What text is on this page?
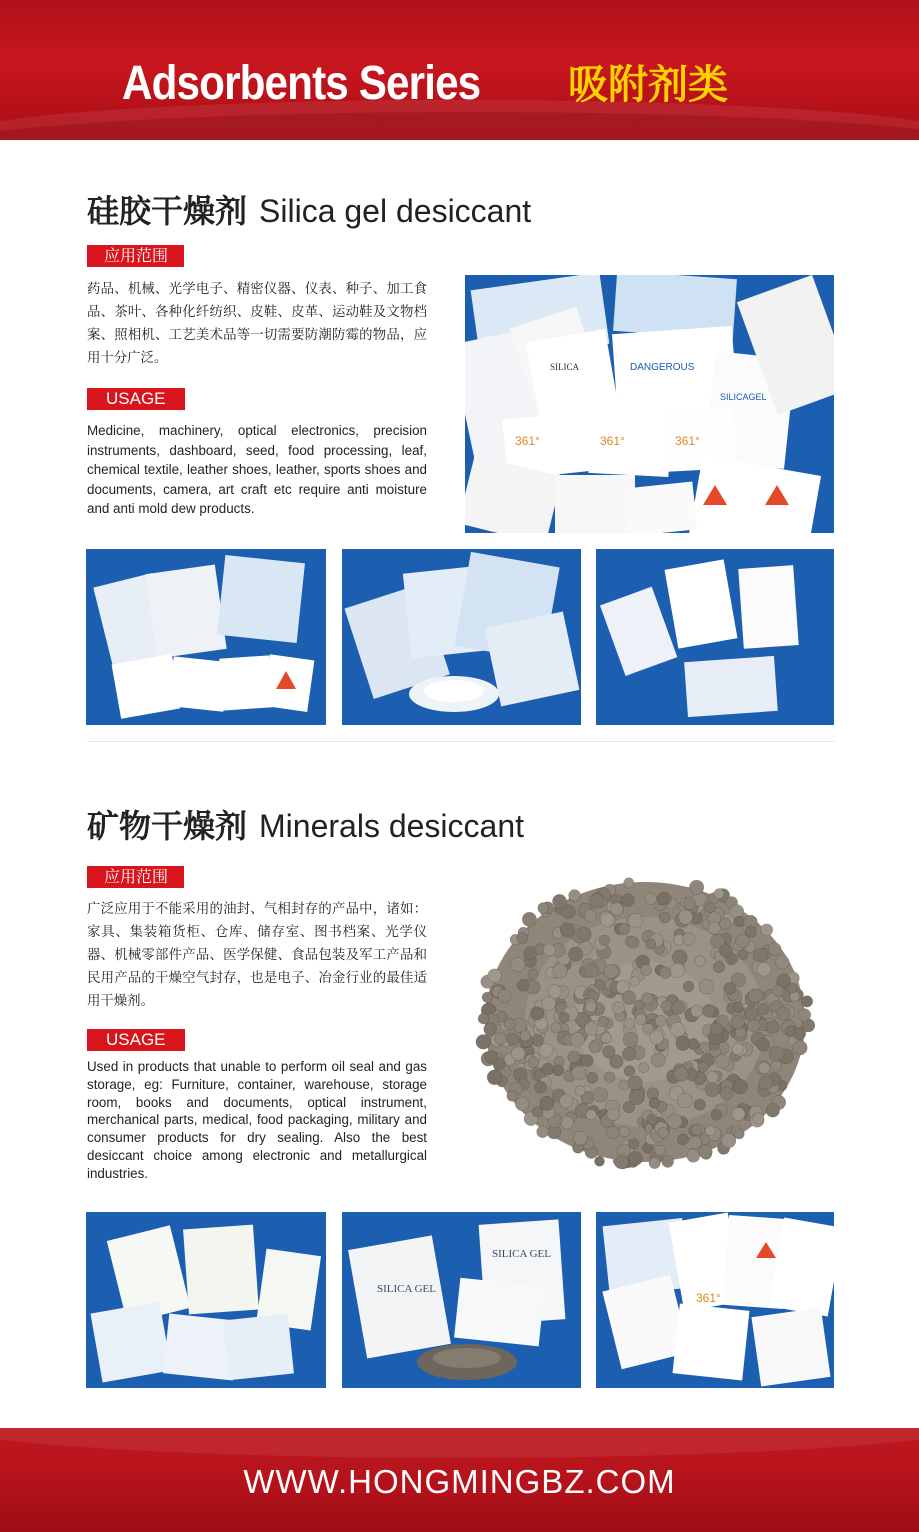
Adsorbents Series 吸附剂类
硅胶干燥剂 Silica gel desiccant
应用范围
药品、机械、光学电子、精密仪器、仪表、种子、加工食品、茶叶、各种化纤纺织、皮鞋、皮革、运动鞋及文物档案、照相机、工艺美术品等一切需要防潮防霉的物品，应用十分广泛。
USAGE
Medicine, machinery, optical electronics, precision instruments, dashboard, seed, food processing, leaf, chemical textile, leather shoes, leather, sports shoes and documents, camera, art craft etc require anti moisture and anti mold dew products.
DANGEROUS
SILICAGEL
SILICA
361°	361°	361°
矿物干燥剂 Minerals desiccant
应用范围
广泛应用于不能采用的油封、气相封存的产品中，诸如：家具、集装箱货柜、仓库、储存室、图书档案、光学仪器、机械零部件产品、医学保健、食品包装及军工产品和民用产品的干燥空气封存，也是电子、冶金行业的最佳适用干燥剂。
USAGE
Used in products that unable to perform oil seal and gas storage, eg: Furniture, container, warehouse, storage room, books and documents, optical instrument, merchanical parts, medical, food packaging, military and consumer products for dry sealing. Also the best desiccant choice among electronic and metallurgical industries.
SILICA GEL
SILICA GEL
361°
WWW.HONGMINGBZ.COM
